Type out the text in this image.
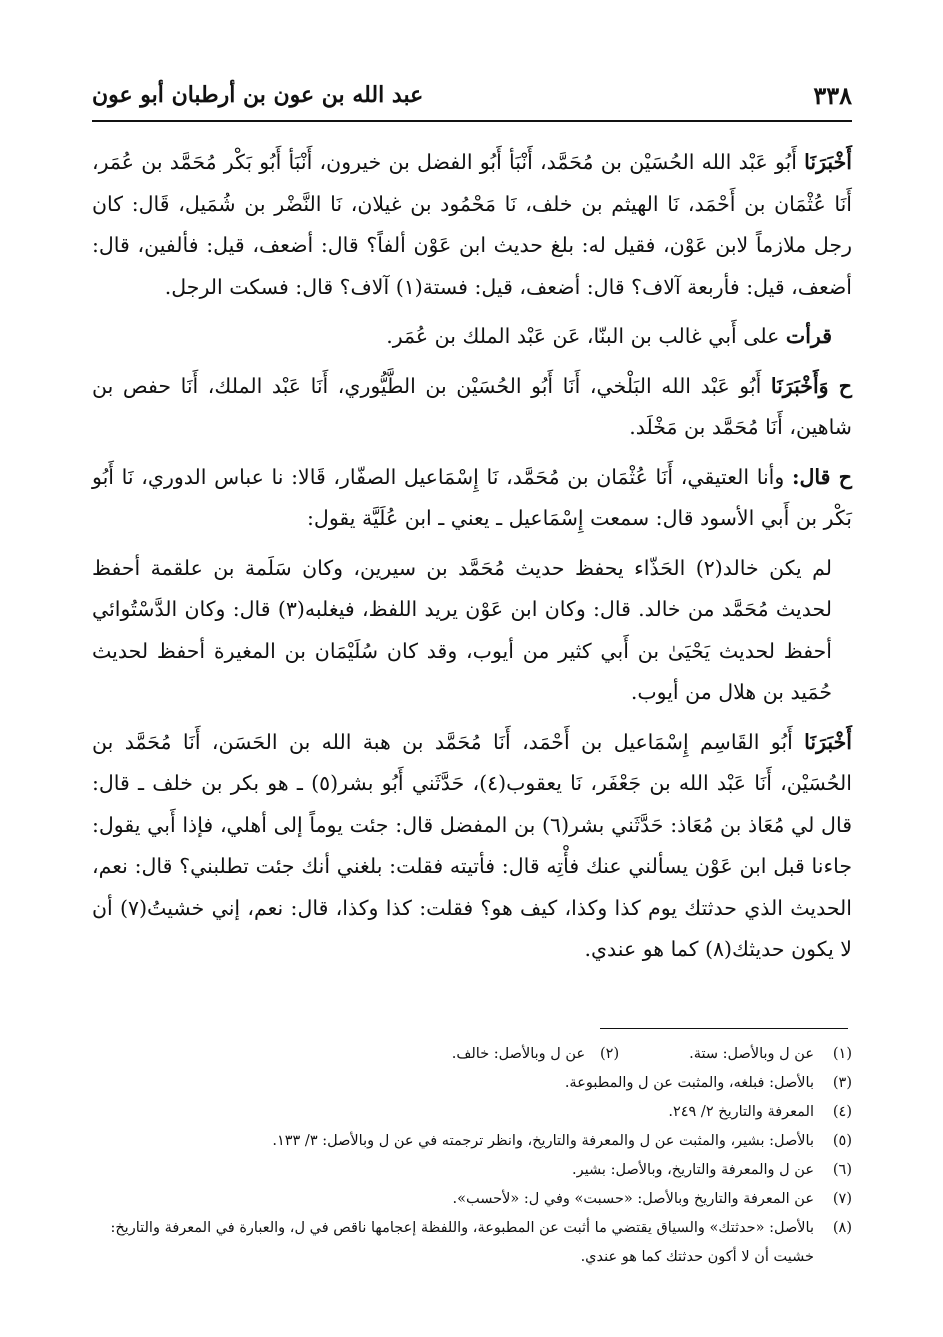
٣٣٨
عبد الله بن عون بن أرطبان أبو عون

أَخْبَرَنَا أَبُو عَبْد الله الحُسَيْن بن مُحَمَّد، أَنْبَأ أَبُو الفضل بن خيرون، أَنْبَأ أَبُو بَكْر مُحَمَّد بن عُمَر، أَنَا عُثْمَان بن أَحْمَد، نَا الهيثم بن خلف، نَا مَحْمُود بن غيلان، نَا النَّضْر بن شُمَيل، قَال: كان رجل ملازماً لابن عَوْن، فقيل له: بلغ حديث ابن عَوْن ألفاً؟ قال: أضعف، قيل: فألفين، قال: أضعف، قيل: فأربعة آلاف؟ قال: أضعف، قيل: فستة(١) آلاف؟ قال: فسكت الرجل.

قرأت على أَبي غالب بن البنّا، عَن عَبْد الملك بن عُمَر.

ح وَأَخْبَرَنَا أَبُو عَبْد الله البَلْخي، أَنَا أَبُو الحُسَيْن بن الطَّيُّوري، أَنَا عَبْد الملك، أَنَا حفص بن شاهين، أَنَا مُحَمَّد بن مَخْلَد.

ح قال: وأنا العتيقي، أَنَا عُثْمَان بن مُحَمَّد، نَا إِسْمَاعيل الصفّار، قَالا: نا عباس الدوري، نَا أَبُو بَكْر بن أَبي الأسود قال: سمعت إِسْمَاعيل ـ يعني ـ ابن عُلَيَّة يقول:

لم يكن خالد(٢) الحَذّاء يحفظ حديث مُحَمَّد بن سيرين، وكان سَلَمة بن علقمة أحفظ لحديث مُحَمَّد من خالد. قال: وكان ابن عَوْن يريد اللفظ، فيغلبه(٣) قال: وكان الدَّسْتُوائي أحفظ لحديث يَحْيَىٰ بن أَبي كثير من أيوب، وقد كان سُلَيْمَان بن المغيرة أحفظ لحديث حُمَيد بن هلال من أيوب.

أَخْبَرَنَا أَبُو القَاسِم إِسْمَاعيل بن أَحْمَد، أَنَا مُحَمَّد بن هبة الله بن الحَسَن، أَنَا مُحَمَّد بن الحُسَيْن، أَنَا عَبْد الله بن جَعْفَر، نَا يعقوب(٤)، حَدَّثَني أَبُو بشر(٥) ـ هو بكر بن خلف ـ قال: قال لي مُعَاذ بن مُعَاذ: حَدَّثَني بشر(٦) بن المفضل قال: جئت يوماً إلى أهلي، فإذا أَبي يقول: جاءنا قبل ابن عَوْن يسألني عنك فأْتِه قال: فأتيته فقلت: بلغني أنك جئت تطلبني؟ قال: نعم، الحديث الذي حدثتك يوم كذا وكذا، كيف هو؟ فقلت: كذا وكذا، قال: نعم، إني خشيتُ(٧) أن لا يكون حديثك(٨) كما هو عندي.

(١)
عن ل وبالأصل: ستة.
(٢)
عن ل وبالأصل: خالف.
(٣)
بالأصل: فبلغه، والمثبت عن ل والمطبوعة.
(٤)
المعرفة والتاريخ ٢/ ٢٤٩.
(٥)
بالأصل: بشير، والمثبت عن ل والمعرفة والتاريخ، وانظر ترجمته في عن ل وبالأصل: ٣/ ١٣٣.
(٦)
عن ل والمعرفة والتاريخ، وبالأصل: بشير.
(٧)
عن المعرفة والتاريخ وبالأصل: «حسبت» وفي ل: «لأحسب».
(٨)
بالأصل: «حدثتك» والسياق يقتضي ما أثبت عن المطبوعة، واللفظة إعجامها ناقص في ل، والعبارة في المعرفة والتاريخ: خشيت أن لا أكون حدثتك كما هو عندي.
